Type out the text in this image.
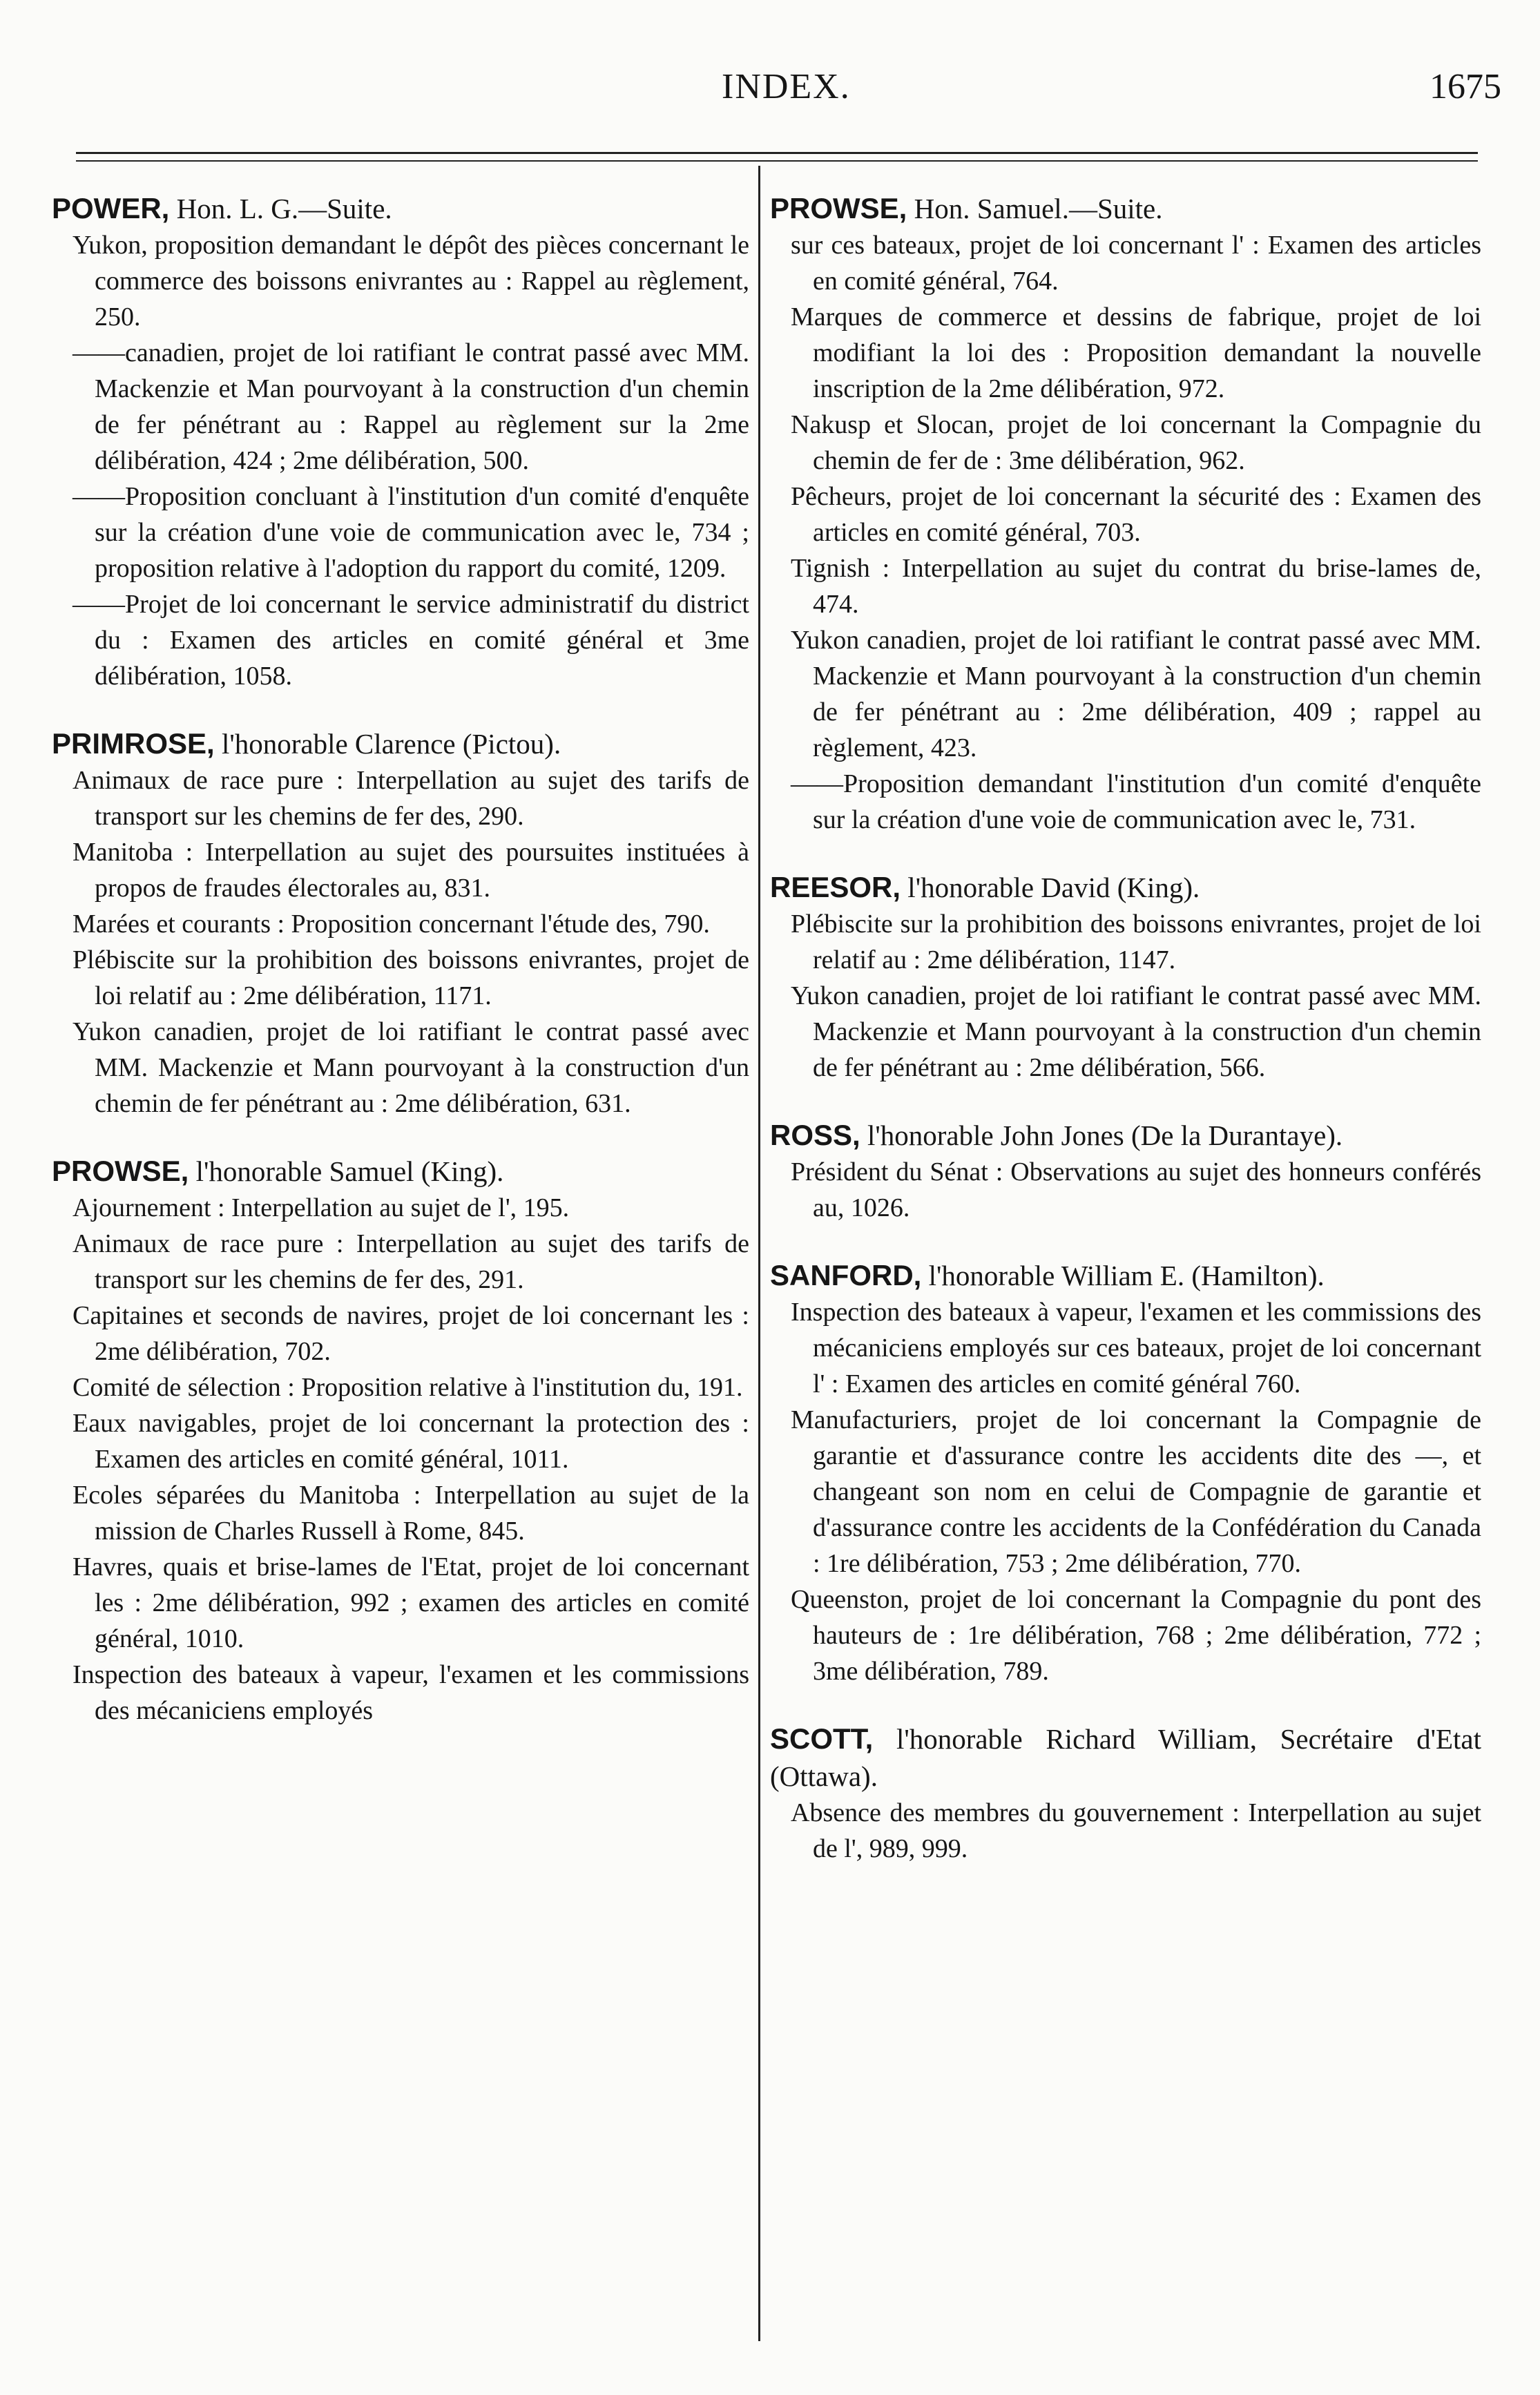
INDEX.	1675
POWER, Hon. L. G.—Suite.
Yukon, proposition demandant le dépôt des pièces concernant le commerce des boissons enivrantes au : Rappel au règlement, 250.
——canadien, projet de loi ratifiant le contrat passé avec MM. Mackenzie et Man pourvoyant à la construction d'un chemin de fer pénétrant au : Rappel au règlement sur la 2me délibération, 424 ; 2me délibération, 500.
——Proposition concluant à l'institution d'un comité d'enquête sur la création d'une voie de communication avec le, 734 ; proposition relative à l'adoption du rapport du comité, 1209.
——Projet de loi concernant le service administratif du district du : Examen des articles en comité général et 3me délibération, 1058.
PRIMROSE, l'honorable Clarence (Pictou).
Animaux de race pure : Interpellation au sujet des tarifs de transport sur les chemins de fer des, 290.
Manitoba : Interpellation au sujet des poursuites instituées à propos de fraudes électorales au, 831.
Marées et courants : Proposition concernant l'étude des, 790.
Plébiscite sur la prohibition des boissons enivrantes, projet de loi relatif au : 2me délibération, 1171.
Yukon canadien, projet de loi ratifiant le contrat passé avec MM. Mackenzie et Mann pourvoyant à la construction d'un chemin de fer pénétrant au : 2me délibération, 631.
PROWSE, l'honorable Samuel (King).
Ajournement : Interpellation au sujet de l', 195.
Animaux de race pure : Interpellation au sujet des tarifs de transport sur les chemins de fer des, 291.
Capitaines et seconds de navires, projet de loi concernant les : 2me délibération, 702.
Comité de sélection : Proposition relative à l'institution du, 191.
Eaux navigables, projet de loi concernant la protection des : Examen des articles en comité général, 1011.
Ecoles séparées du Manitoba : Interpellation au sujet de la mission de Charles Russell à Rome, 845.
Havres, quais et brise-lames de l'Etat, projet de loi concernant les : 2me délibération, 992 ; examen des articles en comité général, 1010.
Inspection des bateaux à vapeur, l'examen et les commissions des mécaniciens employés
PROWSE, Hon. Samuel.—Suite.
sur ces bateaux, projet de loi concernant l' : Examen des articles en comité général, 764.
Marques de commerce et dessins de fabrique, projet de loi modifiant la loi des : Proposition demandant la nouvelle inscription de la 2me délibération, 972.
Nakusp et Slocan, projet de loi concernant la Compagnie du chemin de fer de : 3me délibération, 962.
Pêcheurs, projet de loi concernant la sécurité des : Examen des articles en comité général, 703.
Tignish : Interpellation au sujet du contrat du brise-lames de, 474.
Yukon canadien, projet de loi ratifiant le contrat passé avec MM. Mackenzie et Mann pourvoyant à la construction d'un chemin de fer pénétrant au : 2me délibération, 409 ; rappel au règlement, 423.
——Proposition demandant l'institution d'un comité d'enquête sur la création d'une voie de communication avec le, 731.
REESOR, l'honorable David (King).
Plébiscite sur la prohibition des boissons enivrantes, projet de loi relatif au : 2me délibération, 1147.
Yukon canadien, projet de loi ratifiant le contrat passé avec MM. Mackenzie et Mann pourvoyant à la construction d'un chemin de fer pénétrant au : 2me délibération, 566.
ROSS, l'honorable John Jones (De la Durantaye).
Président du Sénat : Observations au sujet des honneurs conférés au, 1026.
SANFORD, l'honorable William E. (Hamilton).
Inspection des bateaux à vapeur, l'examen et les commissions des mécaniciens employés sur ces bateaux, projet de loi concernant l' : Examen des articles en comité général 760.
Manufacturiers, projet de loi concernant la Compagnie de garantie et d'assurance contre les accidents dite des —, et changeant son nom en celui de Compagnie de garantie et d'assurance contre les accidents de la Confédération du Canada : 1re délibération, 753 ; 2me délibération, 770.
Queenston, projet de loi concernant la Compagnie du pont des hauteurs de : 1re délibération, 768 ; 2me délibération, 772 ; 3me délibération, 789.
SCOTT, l'honorable Richard William, Secrétaire d'Etat (Ottawa).
Absence des membres du gouvernement : Interpellation au sujet de l', 989, 999.
